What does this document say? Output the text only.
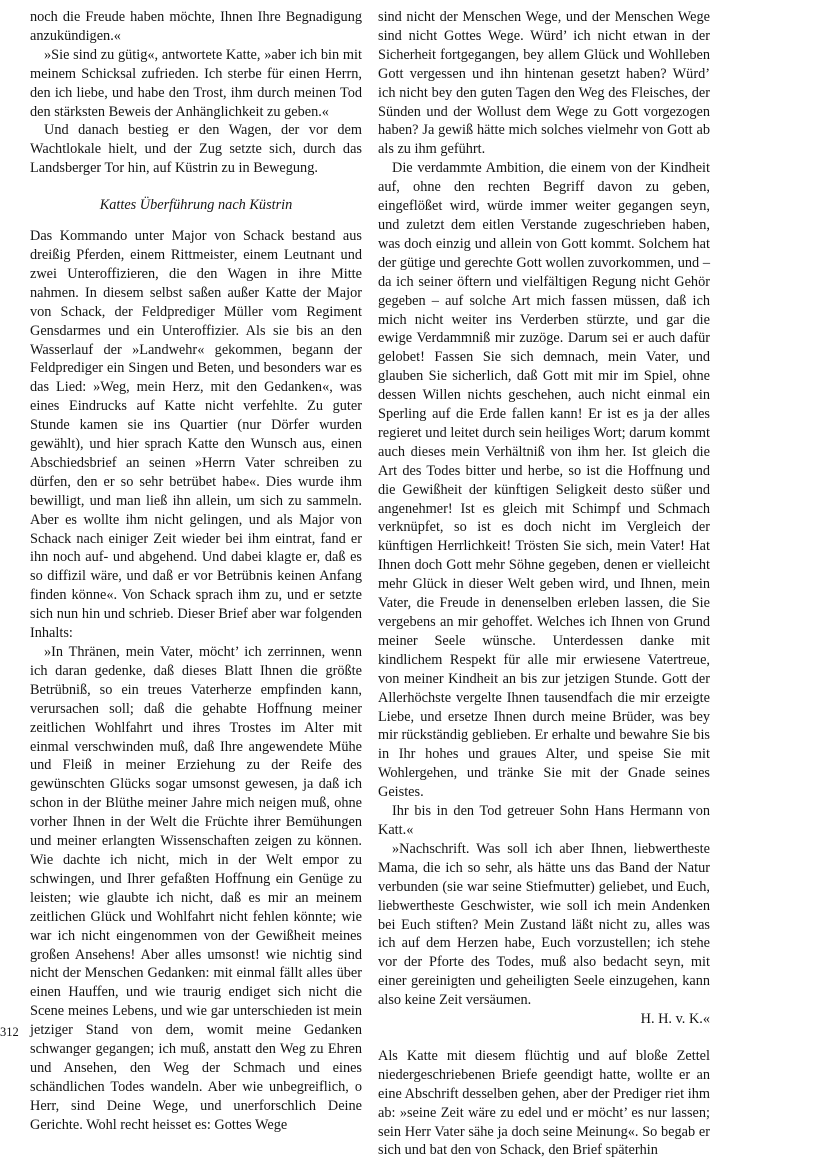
noch die Freude haben möchte, Ihnen Ihre Begnadigung anzukündigen.«

»Sie sind zu gütig«, antwortete Katte, »aber ich bin mit meinem Schicksal zufrieden. Ich sterbe für einen Herrn, den ich liebe, und habe den Trost, ihm durch meinen Tod den stärksten Beweis der Anhänglichkeit zu geben.«

Und danach bestieg er den Wagen, der vor dem Wachtlokale hielt, und der Zug setzte sich, durch das Landsberger Tor hin, auf Küstrin zu in Bewegung.

Kattes Überführung nach Küstrin

Das Kommando unter Major von Schack bestand aus dreißig Pferden, einem Rittmeister, einem Leutnant und zwei Unteroffizieren, die den Wagen in ihre Mitte nahmen. In diesem selbst saßen außer Katte der Major von Schack, der Feldprediger Müller vom Regiment Gensdarmes und ein Unteroffizier. Als sie bis an den Wasserlauf der »Landwehr« gekommen, begann der Feldprediger ein Singen und Beten, und besonders war es das Lied: »Weg, mein Herz, mit den Gedanken«, was eines Eindrucks auf Katte nicht verfehlte. Zu guter Stunde kamen sie ins Quartier (nur Dörfer wurden gewählt), und hier sprach Katte den Wunsch aus, einen Abschiedsbrief an seinen »Herrn Vater schreiben zu dürfen, den er so sehr betrübet habe«. Dies wurde ihm bewilligt, und man ließ ihn allein, um sich zu sammeln. Aber es wollte ihm nicht gelingen, und als Major von Schack nach einiger Zeit wieder bei ihm eintrat, fand er ihn noch auf- und abgehend. Und dabei klagte er, daß es so diffizil wäre, und daß er vor Betrübnis keinen Anfang finden könne«. Von Schack sprach ihm zu, und er setzte sich nun hin und schrieb. Dieser Brief aber war folgenden Inhalts:

»In Thränen, mein Vater, möcht’ ich zerrinnen, wenn ich daran gedenke, daß dieses Blatt Ihnen die größte Betrübniß, so ein treues Vaterherze empfinden kann, verursachen soll; daß die gehabte Hoffnung meiner zeitlichen Wohlfahrt und ihres Trostes im Alter mit einmal verschwinden muß, daß Ihre angewendete Mühe und Fleiß in meiner Erziehung zu der Reife des gewünschten Glücks sogar umsonst gewesen, ja daß ich schon in der Blüthe meiner Jahre mich neigen muß, ohne vorher Ihnen in der Welt die Früchte ihrer Bemühungen und meiner erlangten Wissenschaften zeigen zu können. Wie dachte ich nicht, mich in der Welt empor zu schwingen, und Ihrer gefaßten Hoffnung ein Genüge zu leisten; wie glaubte ich nicht, daß es mir an meinem zeitlichen Glück und Wohlfahrt nicht fehlen könnte; wie war ich nicht eingenommen von der Gewißheit meines großen Ansehens! Aber alles umsonst! wie nichtig sind nicht der Menschen Gedanken: mit einmal fällt alles über einen Hauffen, und wie traurig endiget sich nicht die Scene meines Lebens, und wie gar unterschieden ist mein jetziger Stand von dem, womit meine Gedanken schwanger gegangen; ich muß, anstatt den Weg zu Ehren und Ansehen, den Weg der Schmach und eines schändlichen Todes wandeln. Aber wie unbegreiflich, o Herr, sind Deine Wege, und unerforschlich Deine Gerichte. Wohl recht heisset es: Gottes Wege

sind nicht der Menschen Wege, und der Menschen Wege sind nicht Gottes Wege. Würd’ ich nicht etwan in der Sicherheit fortgegangen, bey allem Glück und Wohlleben Gott vergessen und ihn hintenan gesetzt haben? Würd’ ich nicht bey den guten Tagen den Weg des Fleisches, der Sünden und der Wollust dem Wege zu Gott vorgezogen haben? Ja gewiß hätte mich solches vielmehr von Gott ab als zu ihm geführt.

Die verdammte Ambition, die einem von der Kindheit auf, ohne den rechten Begriff davon zu geben, eingeflößet wird, würde immer weiter gegangen seyn, und zuletzt dem eitlen Verstande zugeschrieben haben, was doch einzig und allein von Gott kommt. Solchem hat der gütige und gerechte Gott wollen zuvorkommen, und – da ich seiner öftern und vielfältigen Regung nicht Gehör gegeben – auf solche Art mich fassen müssen, daß ich mich nicht weiter ins Verderben stürzte, und gar die ewige Verdammniß mir zuzöge. Darum sei er auch dafür gelobet! Fassen Sie sich demnach, mein Vater, und glauben Sie sicherlich, daß Gott mit mir im Spiel, ohne dessen Willen nichts geschehen, auch nicht einmal ein Sperling auf die Erde fallen kann! Er ist es ja der alles regieret und leitet durch sein heiliges Wort; darum kommt auch dieses mein Verhältniß von ihm her. Ist gleich die Art des Todes bitter und herbe, so ist die Hoffnung und die Gewißheit der künftigen Seligkeit desto süßer und angenehmer! Ist es gleich mit Schimpf und Schmach verknüpfet, so ist es doch nicht im Vergleich der künftigen Herrlichkeit! Trösten Sie sich, mein Vater! Hat Ihnen doch Gott mehr Söhne gegeben, denen er vielleicht mehr Glück in dieser Welt geben wird, und Ihnen, mein Vater, die Freude in denenselben erleben lassen, die Sie vergebens an mir gehoffet. Welches ich Ihnen von Grund meiner Seele wünsche. Unterdessen danke mit kindlichem Respekt für alle mir erwiesene Vatertreue, von meiner Kindheit an bis zur jetzigen Stunde. Gott der Allerhöchste vergelte Ihnen tausendfach die mir erzeigte Liebe, und ersetze Ihnen durch meine Brüder, was bey mir rückständig geblieben. Er erhalte und bewahre Sie bis in Ihr hohes und graues Alter, und speise Sie mit Wohlergehen, und tränke Sie mit der Gnade seines Geistes.

Ihr bis in den Tod getreuer Sohn Hans Hermann von Katt.«

»Nachschrift. Was soll ich aber Ihnen, liebwertheste Mama, die ich so sehr, als hätte uns das Band der Natur verbunden (sie war seine Stiefmutter) geliebet, und Euch, liebwertheste Geschwister, wie soll ich mein Andenken bei Euch stiften? Mein Zustand läßt nicht zu, alles was ich auf dem Herzen habe, Euch vorzustellen; ich stehe vor der Pforte des Todes, muß also bedacht seyn, mit einer gereinigten und geheiligten Seele einzugehen, kann also keine Zeit versäumen.

H. H. v. K.«

Als Katte mit diesem flüchtig und auf bloße Zettel niedergeschriebenen Briefe geendigt hatte, wollte er an eine Abschrift desselben gehen, aber der Prediger riet ihm ab: »seine Zeit wäre zu edel und er möcht’ es nur lassen; sein Herr Vater sähe ja doch seine Meinung«. So begab er sich und bat den von Schack, den Brief späterhin

312
